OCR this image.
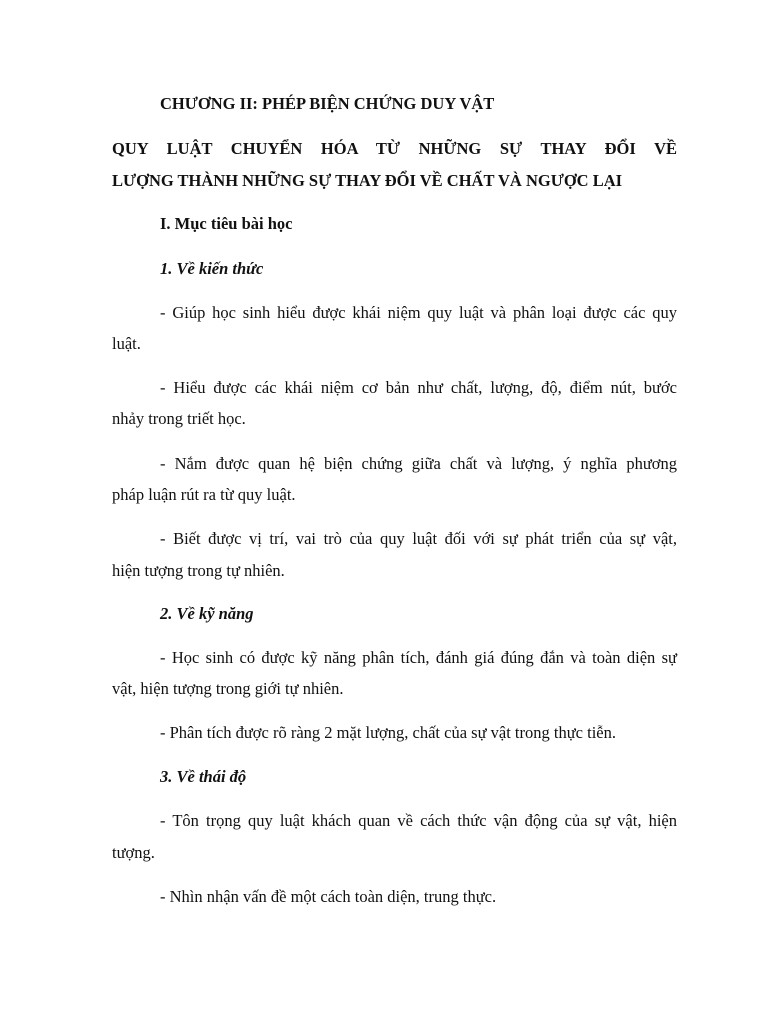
CHƯƠNG II: PHÉP BIỆN CHỨNG DUY VẬT
QUY LUẬT CHUYỂN HÓA TỪ NHỮNG SỰ THAY ĐỔI VỀ
LƯỢNG THÀNH NHỮNG SỰ THAY ĐỔI VỀ CHẤT VÀ NGƯỢC LẠI
I. Mục tiêu bài học
1. Về kiến thức
- Giúp học sinh hiểu được khái niệm quy luật và phân loại được các quy
luật.
- Hiểu được các khái niệm cơ bản như chất, lượng, độ, điểm nút, bước
nhảy trong triết học.
- Nắm được quan hệ biện chứng giữa chất và lượng, ý nghĩa phương
pháp luận rút ra từ quy luật.
- Biết được vị trí, vai trò của quy luật đối với sự phát triển của sự vật,
hiện tượng trong tự nhiên.
2. Về kỹ năng
- Học sinh có được kỹ năng phân tích, đánh giá đúng đắn và toàn diện sự
vật, hiện tượng trong giới tự nhiên.
- Phân tích được rõ ràng 2 mặt lượng, chất của sự vật trong thực tiễn.
3. Về thái độ
- Tôn trọng quy luật khách quan về cách thức vận động của sự vật, hiện
tượng.
- Nhìn nhận vấn đề một cách toàn diện, trung thực.
